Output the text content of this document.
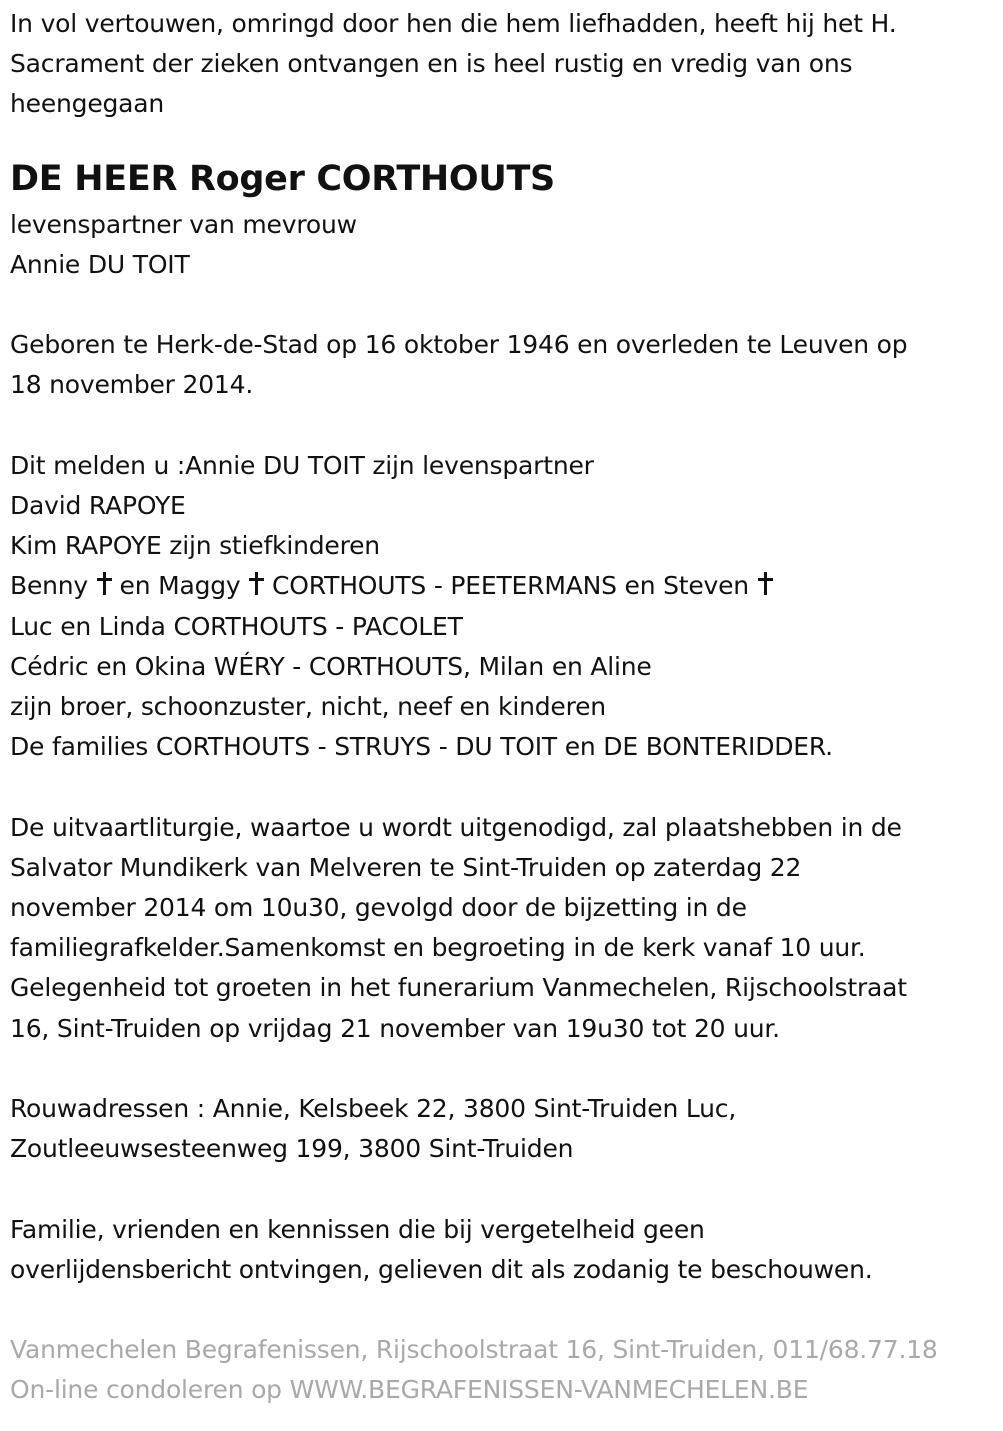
In vol vertouwen, omringd door hen die hem liefhadden, heeft hij het H.
Sacrament der zieken ontvangen en is heel rustig en vredig van ons
heengegaan
DE HEER Roger CORTHOUTS
levenspartner van mevrouw
Annie DU TOIT
Geboren te Herk-de-Stad op 16 oktober 1946 en overleden te Leuven op
18 november 2014.
Dit melden u :Annie DU TOIT zijn levenspartner
David RAPOYE
Kim RAPOYE zijn stiefkinderen
Benny en Maggy CORTHOUTS - PEETERMANS en Steven
Luc en Linda CORTHOUTS - PACOLET
Cédric en Okina WÉRY - CORTHOUTS, Milan en Aline
zijn broer, schoonzuster, nicht, neef en kinderen
De families CORTHOUTS - STRUYS - DU TOIT en DE BONTERIDDER.
De uitvaartliturgie, waartoe u wordt uitgenodigd, zal plaatshebben in de
Salvator Mundikerk van Melveren te Sint-Truiden op zaterdag 22
november 2014 om 10u30, gevolgd door de bijzetting in de
familiegrafkelder.Samenkomst en begroeting in de kerk vanaf 10 uur.
Gelegenheid tot groeten in het funerarium Vanmechelen, Rijschoolstraat
16, Sint-Truiden op vrijdag 21 november van 19u30 tot 20 uur.
Rouwadressen : Annie, Kelsbeek 22, 3800 Sint-Truiden Luc,
Zoutleeuwsesteenweg 199, 3800 Sint-Truiden
Familie, vrienden en kennissen die bij vergetelheid geen
overlijdensbericht ontvingen, gelieven dit als zodanig te beschouwen.
Vanmechelen Begrafenissen, Rijschoolstraat 16, Sint-Truiden, 011/68.77.18
On-line condoleren op WWW.BEGRAFENISSEN-VANMECHELEN.BE
